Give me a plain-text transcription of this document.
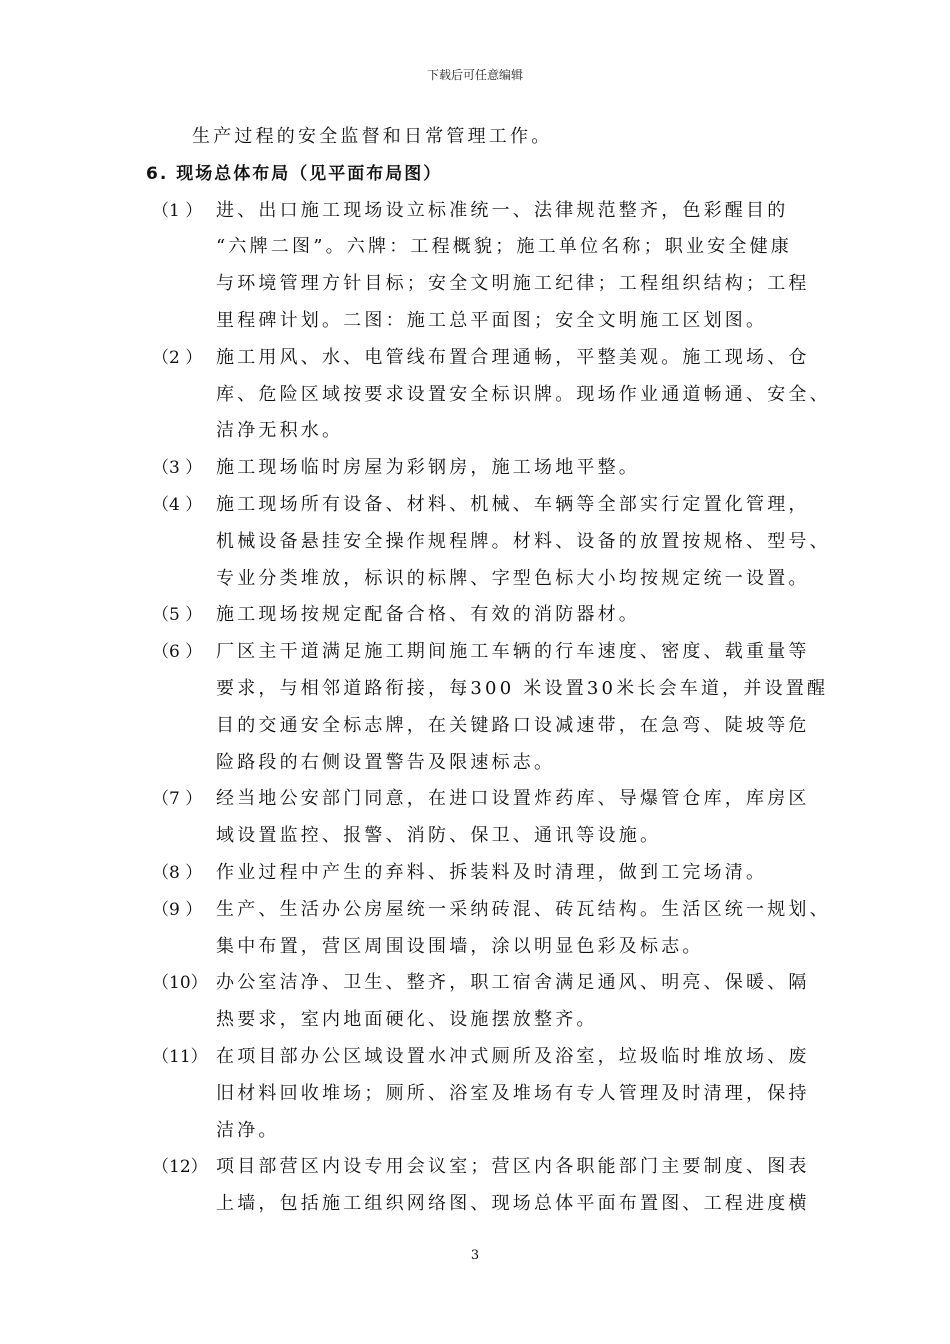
下载后可任意编辑
生产过程的安全监督和日常管理工作。
6. 现场总体布局（见平面布局图）
（1 ） 进、出口施工现场设立标准统一、法律规范整齐，色彩醒目的
“六牌二图”。六牌：工程概貌；施工单位名称；职业安全健康
与环境管理方针目标；安全文明施工纪律；工程组织结构；工程
里程碑计划。二图：施工总平面图；安全文明施工区划图。
（2 ） 施工用风、水、电管线布置合理通畅，平整美观。施工现场、仓
库、危险区域按要求设置安全标识牌。现场作业通道畅通、安全、
洁净无积水。
（3 ） 施工现场临时房屋为彩钢房，施工场地平整。
（4 ） 施工现场所有设备、材料、机械、车辆等全部实行定置化管理，
机械设备悬挂安全操作规程牌。材料、设备的放置按规格、型号、
专业分类堆放，标识的标牌、字型色标大小均按规定统一设置。
（5 ） 施工现场按规定配备合格、有效的消防器材。
（6 ） 厂区主干道满足施工期间施工车辆的行车速度、密度、载重量等
要求，与相邻道路衔接，每300 米设置30米长会车道，并设置醒
目的交通安全标志牌，在关键路口设减速带，在急弯、陡坡等危
险路段的右侧设置警告及限速标志。
（7 ） 经当地公安部门同意，在进口设置炸药库、导爆管仓库，库房区
域设置监控、报警、消防、保卫、通讯等设施。
（8 ） 作业过程中产生的弃料、拆装料及时清理，做到工完场清。
（9 ） 生产、生活办公房屋统一采纳砖混、砖瓦结构。生活区统一规划、
集中布置，营区周围设围墙，涂以明显色彩及标志。
（10） 办公室洁净、卫生、整齐，职工宿舍满足通风、明亮、保暖、隔
热要求，室内地面硬化、设施摆放整齐。
（11） 在项目部办公区域设置水冲式厕所及浴室，垃圾临时堆放场、废
旧材料回收堆场；厕所、浴室及堆场有专人管理及时清理，保持
洁净。
（12） 项目部营区内设专用会议室；营区内各职能部门主要制度、图表
上墙，包括施工组织网络图、现场总体平面布置图、工程进度横
3
